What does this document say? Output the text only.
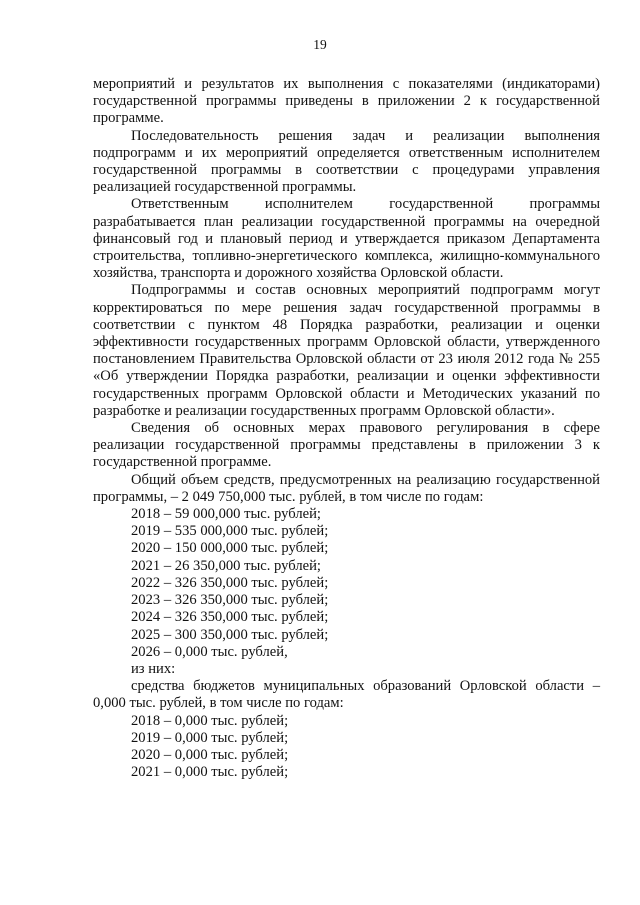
19

мероприятий и результатов их выполнения с показателями (индикаторами) государственной программы приведены в приложении 2 к государственной программе.

Последовательность решения задач и реализации выполнения подпрограмм и их мероприятий определяется ответственным исполнителем государственной программы в соответствии с процедурами управления реализацией государственной программы.

Ответственным исполнителем государственной программы разрабатывается план реализации государственной программы на очередной финансовый год и плановый период и утверждается приказом Департамента строительства, топливно-энергетического комплекса, жилищно-коммунального хозяйства, транспорта и дорожного хозяйства Орловской области.

Подпрограммы и состав основных мероприятий подпрограмм могут корректироваться по мере решения задач государственной программы в соответствии с пунктом 48 Порядка разработки, реализации и оценки эффективности государственных программ Орловской области, утвержденного постановлением Правительства Орловской области от 23 июля 2012 года № 255 «Об утверждении Порядка разработки, реализации и оценки эффективности государственных программ Орловской области и Методических указаний по разработке и реализации государственных программ Орловской области».

Сведения об основных мерах правового регулирования в сфере реализации государственной программы представлены в приложении 3 к государственной программе.

Общий объем средств, предусмотренных на реализацию государственной программы, – 2 049 750,000 тыс. рублей, в том числе по годам:

2018 – 59 000,000 тыс. рублей;
2019 – 535 000,000 тыс. рублей;
2020 – 150 000,000 тыс. рублей;
2021 – 26 350,000 тыс. рублей;
2022 – 326 350,000 тыс. рублей;
2023 – 326 350,000 тыс. рублей;
2024 – 326 350,000 тыс. рублей;
2025 – 300 350,000 тыс. рублей;
2026 – 0,000 тыс. рублей,
из них:

средства бюджетов муниципальных образований Орловской области – 0,000 тыс. рублей, в том числе по годам:

2018 – 0,000 тыс. рублей;
2019 – 0,000 тыс. рублей;
2020 – 0,000 тыс. рублей;
2021 – 0,000 тыс. рублей;
